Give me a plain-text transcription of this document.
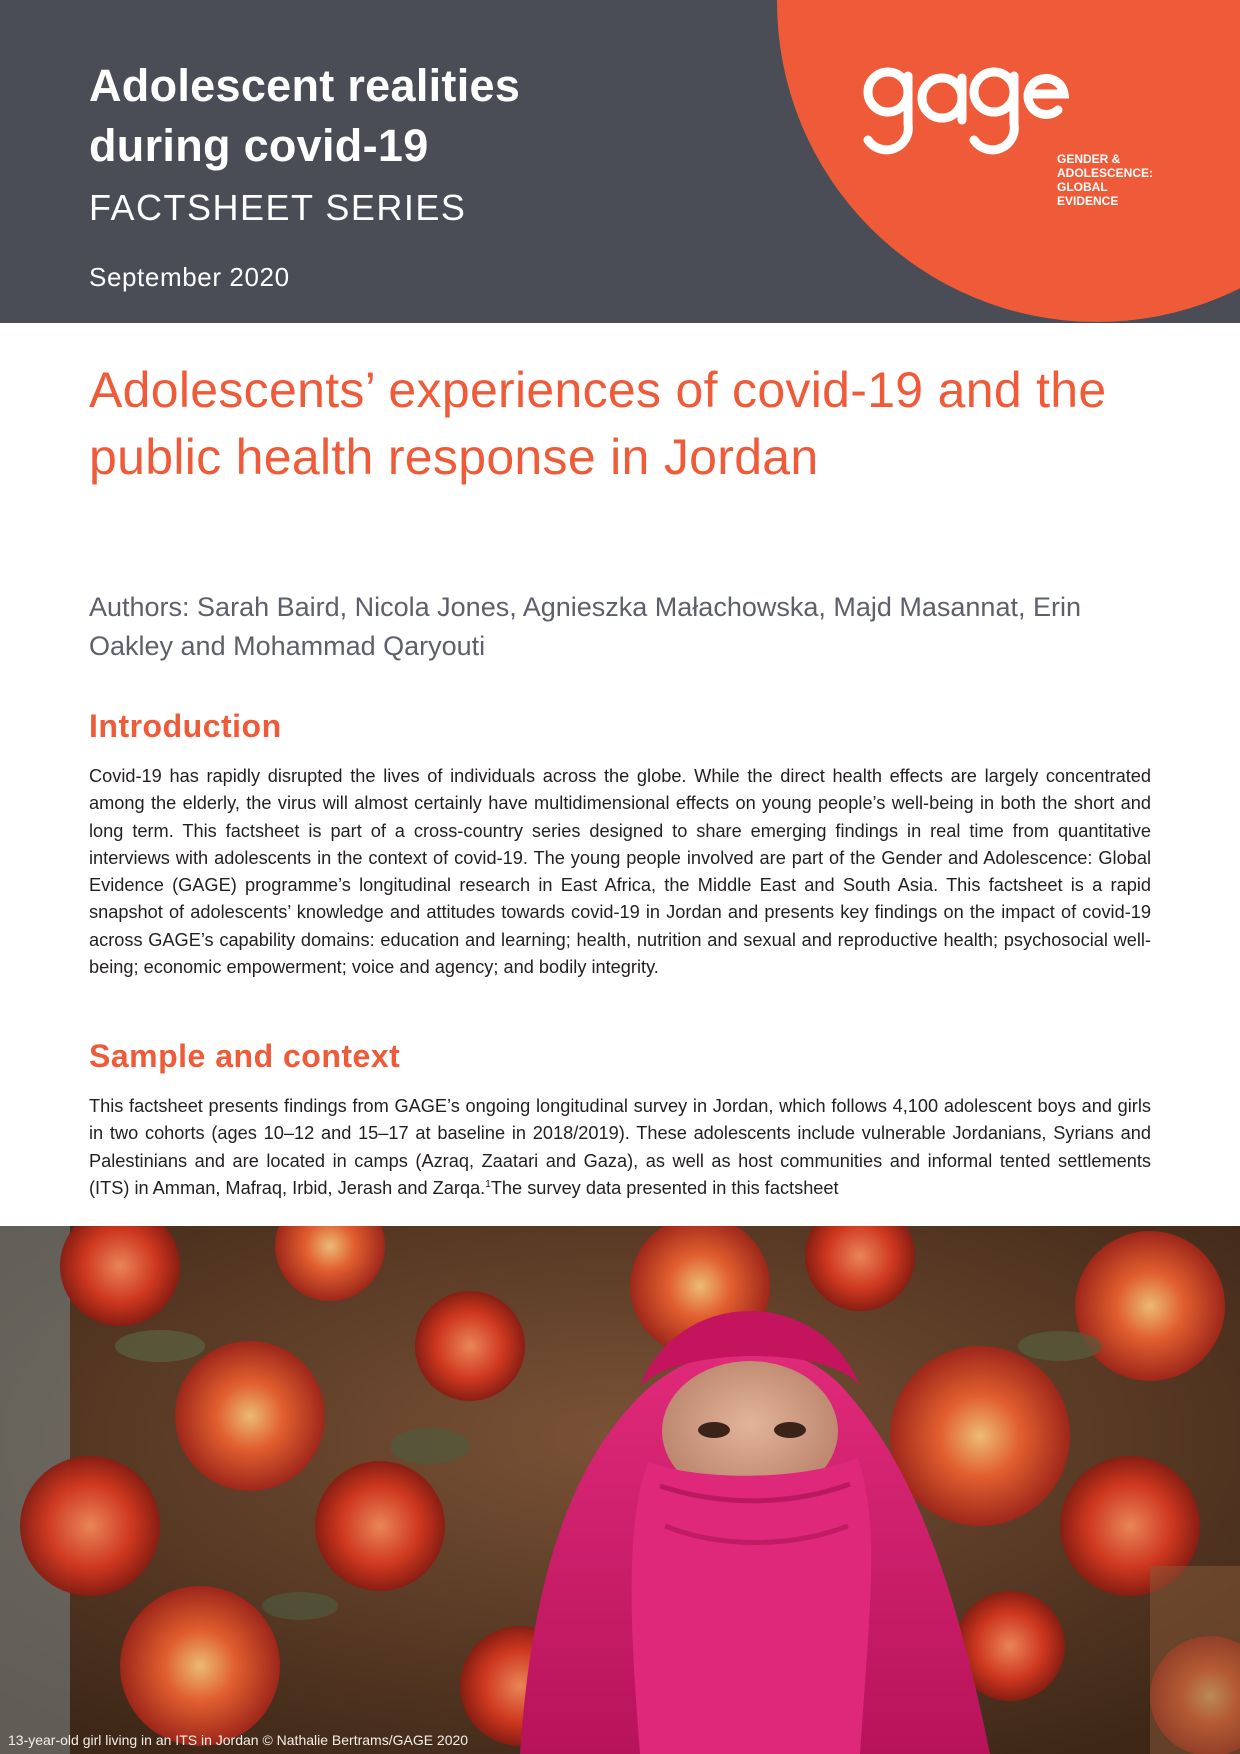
Adolescent realities
during covid-19
FACTSHEET SERIES
September 2020

GENDER &
ADOLESCENCE:
GLOBAL
EVIDENCE

Adolescents’ experiences of covid-19 and the public health response in Jordan
Authors: Sarah Baird, Nicola Jones, Agnieszka Małachowska, Majd Masannat, Erin Oakley and Mohammad Qaryouti
Introduction

Covid-19 has rapidly disrupted the lives of individuals across the globe. While the direct health effects are largely concentrated among the elderly, the virus will almost certainly have multidimensional effects on young people’s well-being in both the short and long term. This factsheet is part of a cross-country series designed to share emerging findings in real time from quantitative interviews with adolescents in the context of covid-19. The young people involved are part of the Gender and Adolescence: Global Evidence (GAGE) programme’s longitudinal research in East Africa, the Middle East and South Asia. This factsheet is a rapid snapshot of adolescents’ knowledge and attitudes towards covid-19 in Jordan and presents key findings on the impact of covid-19 across GAGE’s capability domains: education and learning; health, nutrition and sexual and reproductive health; psychosocial well-being; economic empowerment; voice and agency; and bodily integrity.

Sample and context

This factsheet presents findings from GAGE’s ongoing longitudinal survey in Jordan, which follows 4,100 adolescent boys and girls in two cohorts (ages 10–12 and 15–17 at baseline in 2018/2019). These adolescents include vulnerable Jordanians, Syrians and Palestinians and are located in camps (Azraq, Zaatari and Gaza), as well as host communities and informal tented settlements (ITS) in Amman, Mafraq, Irbid, Jerash and Zarqa.$^1$The survey data presented in this factsheet

13-year-old girl living in an ITS in Jordan © Nathalie Bertrams/GAGE 2020
